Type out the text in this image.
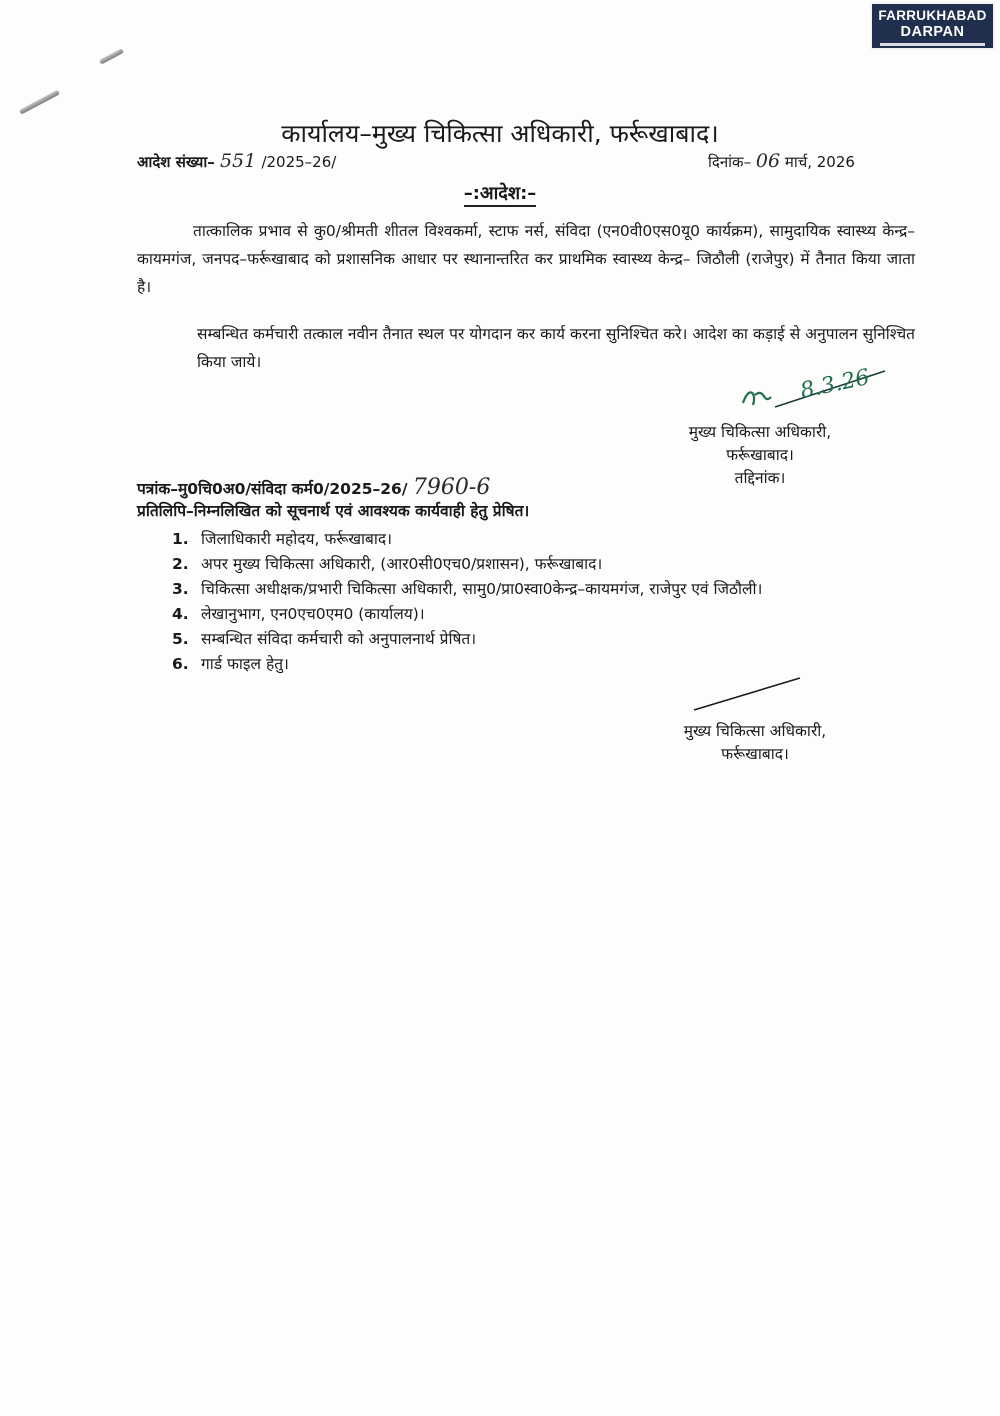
FARRUKHABAD
DARPAN
कार्यालय–मुख्य चिकित्सा अधिकारी, फर्रूखाबाद।
आदेश संख्या– 551 /2025–26/	दिनांक– 06 मार्च, 2026
–:आदेश:–
तात्कालिक प्रभाव से कु0/श्रीमती शीतल विश्वकर्मा, स्टाफ नर्स, संविदा (एन0वी0एस0यू0 कार्यक्रम), सामुदायिक स्वास्थ्य केन्द्र–कायमगंज, जनपद–फर्रूखाबाद को प्रशासनिक आधार पर स्थानान्तरित कर प्राथमिक स्वास्थ्य केन्द्र– जिठौली (राजेपुर) में तैनात किया जाता है।
सम्बन्धित कर्मचारी तत्काल नवीन तैनात स्थल पर योगदान कर कार्य करना सुनिश्चित करे। आदेश का कड़ाई से अनुपालन सुनिश्चित किया जाये।
8.3.26
मुख्य चिकित्सा अधिकारी,
फर्रूखाबाद।
तद्दिनांक।
पत्रांक–मु0चि0अ0/संविदा कर्म0/2025–26/ 7960-6
प्रतिलिपि–निम्नलिखित को सूचनार्थ एवं आवश्यक कार्यवाही हेतु प्रेषित।
1. जिलाधिकारी महोदय, फर्रूखाबाद।
2. अपर मुख्य चिकित्सा अधिकारी, (आर0सी0एच0/प्रशासन), फर्रूखाबाद।
3. चिकित्सा अधीक्षक/प्रभारी चिकित्सा अधिकारी, सामु0/प्रा0स्वा0केन्द्र–कायमगंज, राजेपुर एवं जिठौली।
4. लेखानुभाग, एन0एच0एम0 (कार्यालय)।
5. सम्बन्धित संविदा कर्मचारी को अनुपालनार्थ प्रेषित।
6. गार्ड फाइल हेतु।
मुख्य चिकित्सा अधिकारी,
फर्रूखाबाद।
